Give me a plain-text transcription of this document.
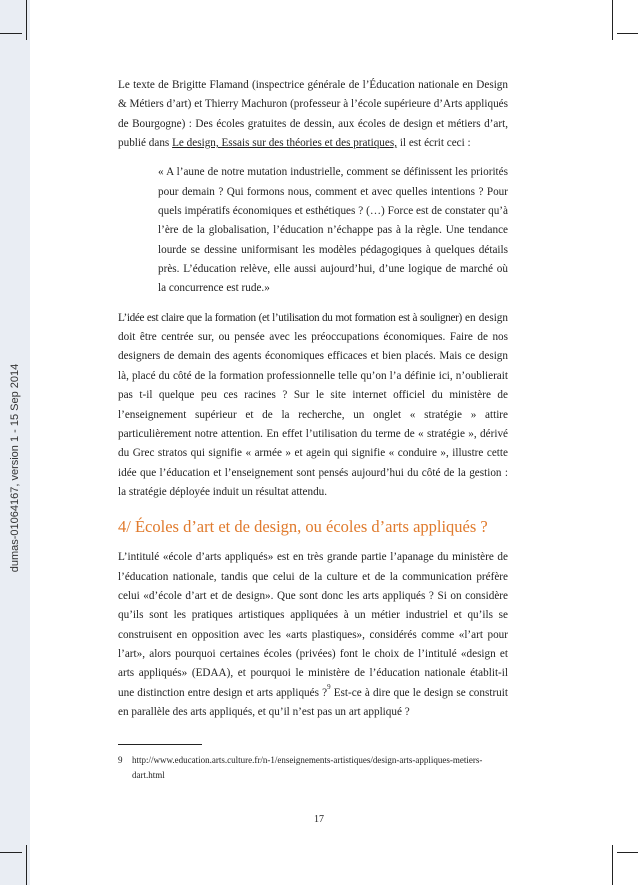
dumas-01064167, version 1 - 15 Sep 2014

Le texte de Brigitte Flamand (inspectrice générale de l’Éducation nationale en Design & Métiers d’art) et Thierry Machuron (professeur à l’école supérieure d’Arts appliqués de Bourgogne) : Des écoles gratuites de dessin, aux écoles de design et métiers d’art, publié dans Le design, Essais sur des théories et des pratiques, il est écrit ceci :

« A l’aune de notre mutation industrielle, comment se définissent les priorités pour demain ? Qui formons nous, comment et avec quelles intentions ? Pour quels impératifs économiques et esthétiques ? (…) Force est de constater qu’à l’ère de la globalisation, l’éducation n’échappe pas à la règle. Une tendance lourde se dessine uniformisant les modèles pédagogiques à quelques détails près. L’éducation relève, elle aussi aujourd’hui, d’une logique de marché où la concurrence est rude.»

L’idée est claire que la formation (et l’utilisation du mot formation est à souligner) en design doit être centrée sur, ou pensée avec les préoccupations économiques. Faire de nos designers de demain des agents économiques efficaces et bien placés. Mais ce design là, placé du côté de la formation professionnelle telle qu’on l’a définie ici, n’oublierait pas t-il quelque peu ces racines ? Sur le site internet officiel du ministère de l’enseignement supérieur et de la recherche, un onglet « stratégie » attire particulièrement notre attention. En effet l’utilisation du terme de « stratégie », dérivé du Grec stratos qui signifie « armée » et agein qui signifie « conduire », illustre cette idée que l’éducation et l’enseignement sont pensés aujourd’hui du côté de la gestion : la stratégie déployée induit un résultat attendu.

4/ Écoles d’art et de design, ou écoles d’arts appliqués ?

L’intitulé «école d’arts appliqués» est en très grande partie l’apanage du ministère de l’éducation nationale, tandis que celui de la culture et de la communication préfère celui «d’école d’art et de design». Que sont donc les arts appliqués ? Si on considère qu’ils sont les pratiques artistiques appliquées à un métier industriel et qu’ils se construisent en opposition avec les «arts plastiques», considérés comme «l’art pour l’art», alors pourquoi certaines écoles (privées) font le choix de l’intitulé «design et arts appliqués» (EDAA), et pourquoi le ministère de l’éducation nationale établit-il une distinction entre design et arts appliqués ?$^9$ Est-ce à dire que le design se construit en parallèle des arts appliqués, et qu’il n’est pas un art appliqué ?

9 http://www.education.arts.culture.fr/n-1/enseignements-artistiques/design-arts-appliques-metiers-dart.html
17
